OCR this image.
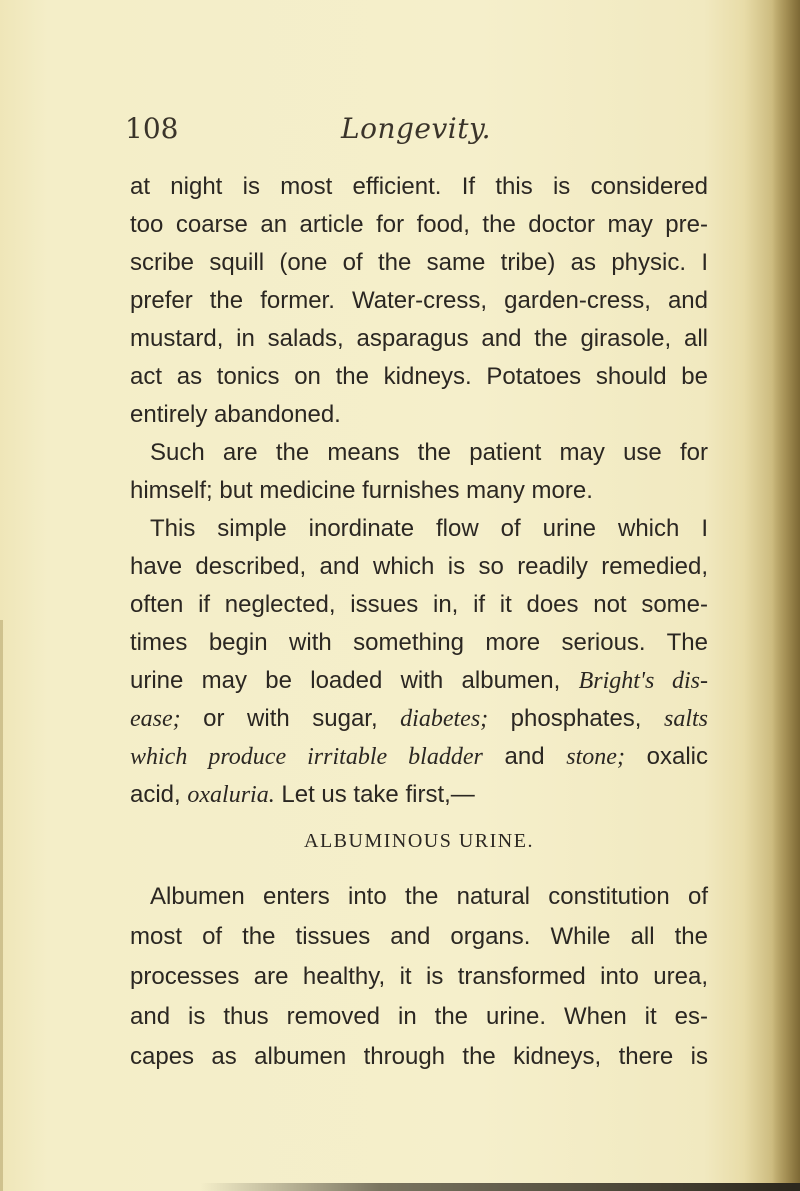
108	Longevity.
at night is most efficient. If this is considered
too coarse an article for food, the doctor may pre-
scribe squill (one of the same tribe) as physic. I
prefer the former. Water-cress, garden-cress, and
mustard, in salads, asparagus and the girasole, all
act as tonics on the kidneys. Potatoes should be
entirely abandoned.
Such are the means the patient may use for
himself; but medicine furnishes many more.
This simple inordinate flow of urine which I
have described, and which is so readily remedied,
often if neglected, issues in, if it does not some-
times begin with something more serious. The
urine may be loaded with albumen, Bright's dis-
ease; or with sugar, diabetes; phosphates, salts
which produce irritable bladder and stone; oxalic
acid, oxaluria. Let us take first,—
ALBUMINOUS URINE.
Albumen enters into the natural constitution of
most of the tissues and organs. While all the
processes are healthy, it is transformed into urea,
and is thus removed in the urine. When it es-
capes as albumen through the kidneys, there is
